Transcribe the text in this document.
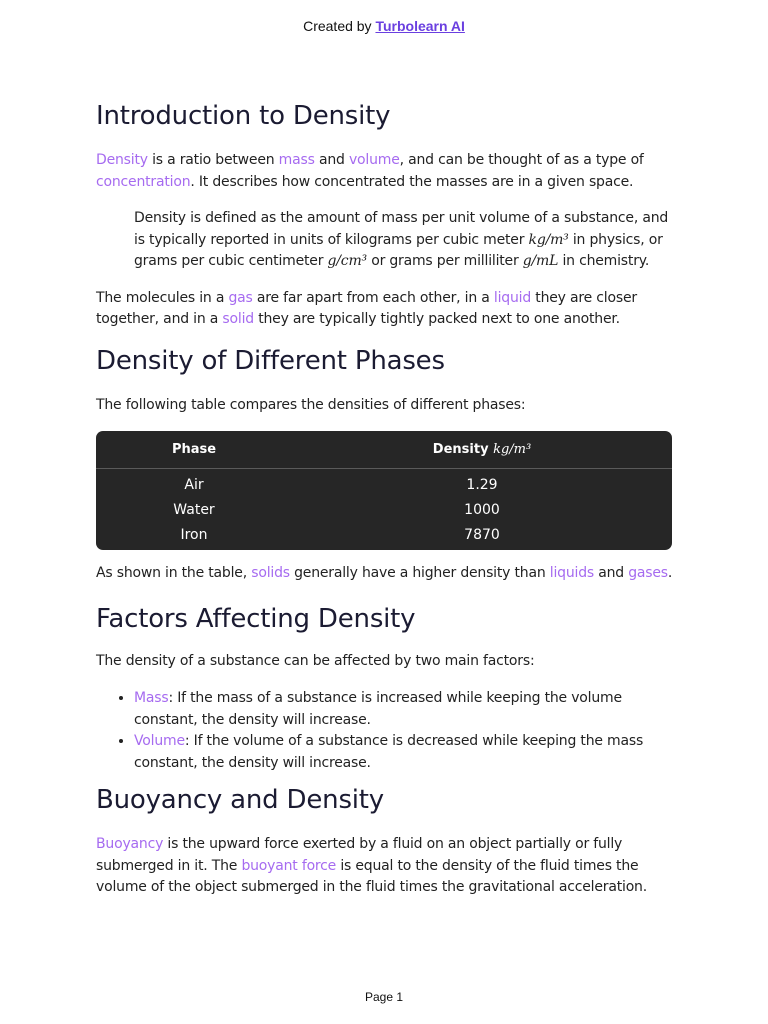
Created by Turbolearn AI
Introduction to Density

Density is a ratio between mass and volume, and can be thought of as a type of concentration. It describes how concentrated the masses are in a given space.

Density is defined as the amount of mass per unit volume of a substance, and is typically reported in units of kilograms per cubic meter kg/m³ in physics, or grams per cubic centimeter g/cm³ or grams per milliliter g/mL in chemistry.

The molecules in a gas are far apart from each other, in a liquid they are closer together, and in a solid they are typically tightly packed next to one another.

Density of Different Phases

The following table compares the densities of different phases:

Phase	Density kg/m³
Air	1.29
Water	1000
Iron	7870

As shown in the table, solids generally have a higher density than liquids and gases.

Factors Affecting Density

The density of a substance can be affected by two main factors:

• Mass: If the mass of a substance is increased while keeping the volume constant, the density will increase.
• Volume: If the volume of a substance is decreased while keeping the mass constant, the density will increase.
Buoyancy and Density

Buoyancy is the upward force exerted by a fluid on an object partially or fully submerged in it. The buoyant force is equal to the density of the fluid times the volume of the object submerged in the fluid times the gravitational acceleration.

Page 1
